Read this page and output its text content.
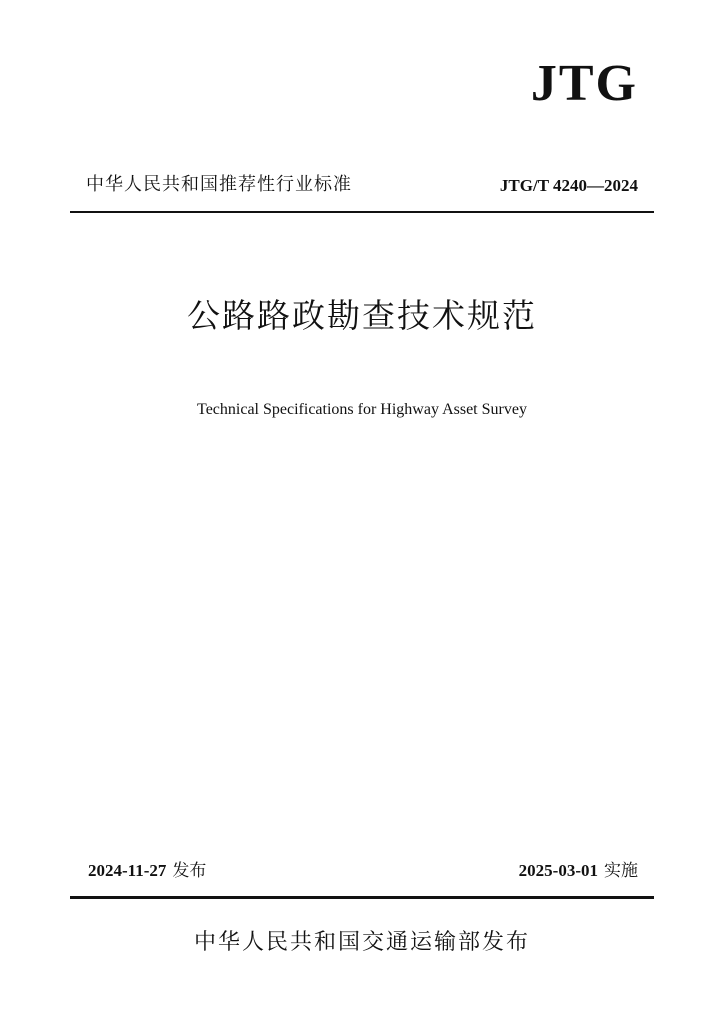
JTG
中华人民共和国推荐性行业标准	JTG/T 4240—2024
公路路政勘查技术规范
Technical Specifications for Highway Asset Survey
2024-11-27 发布	2025-03-01 实施
中华人民共和国交通运输部发布
